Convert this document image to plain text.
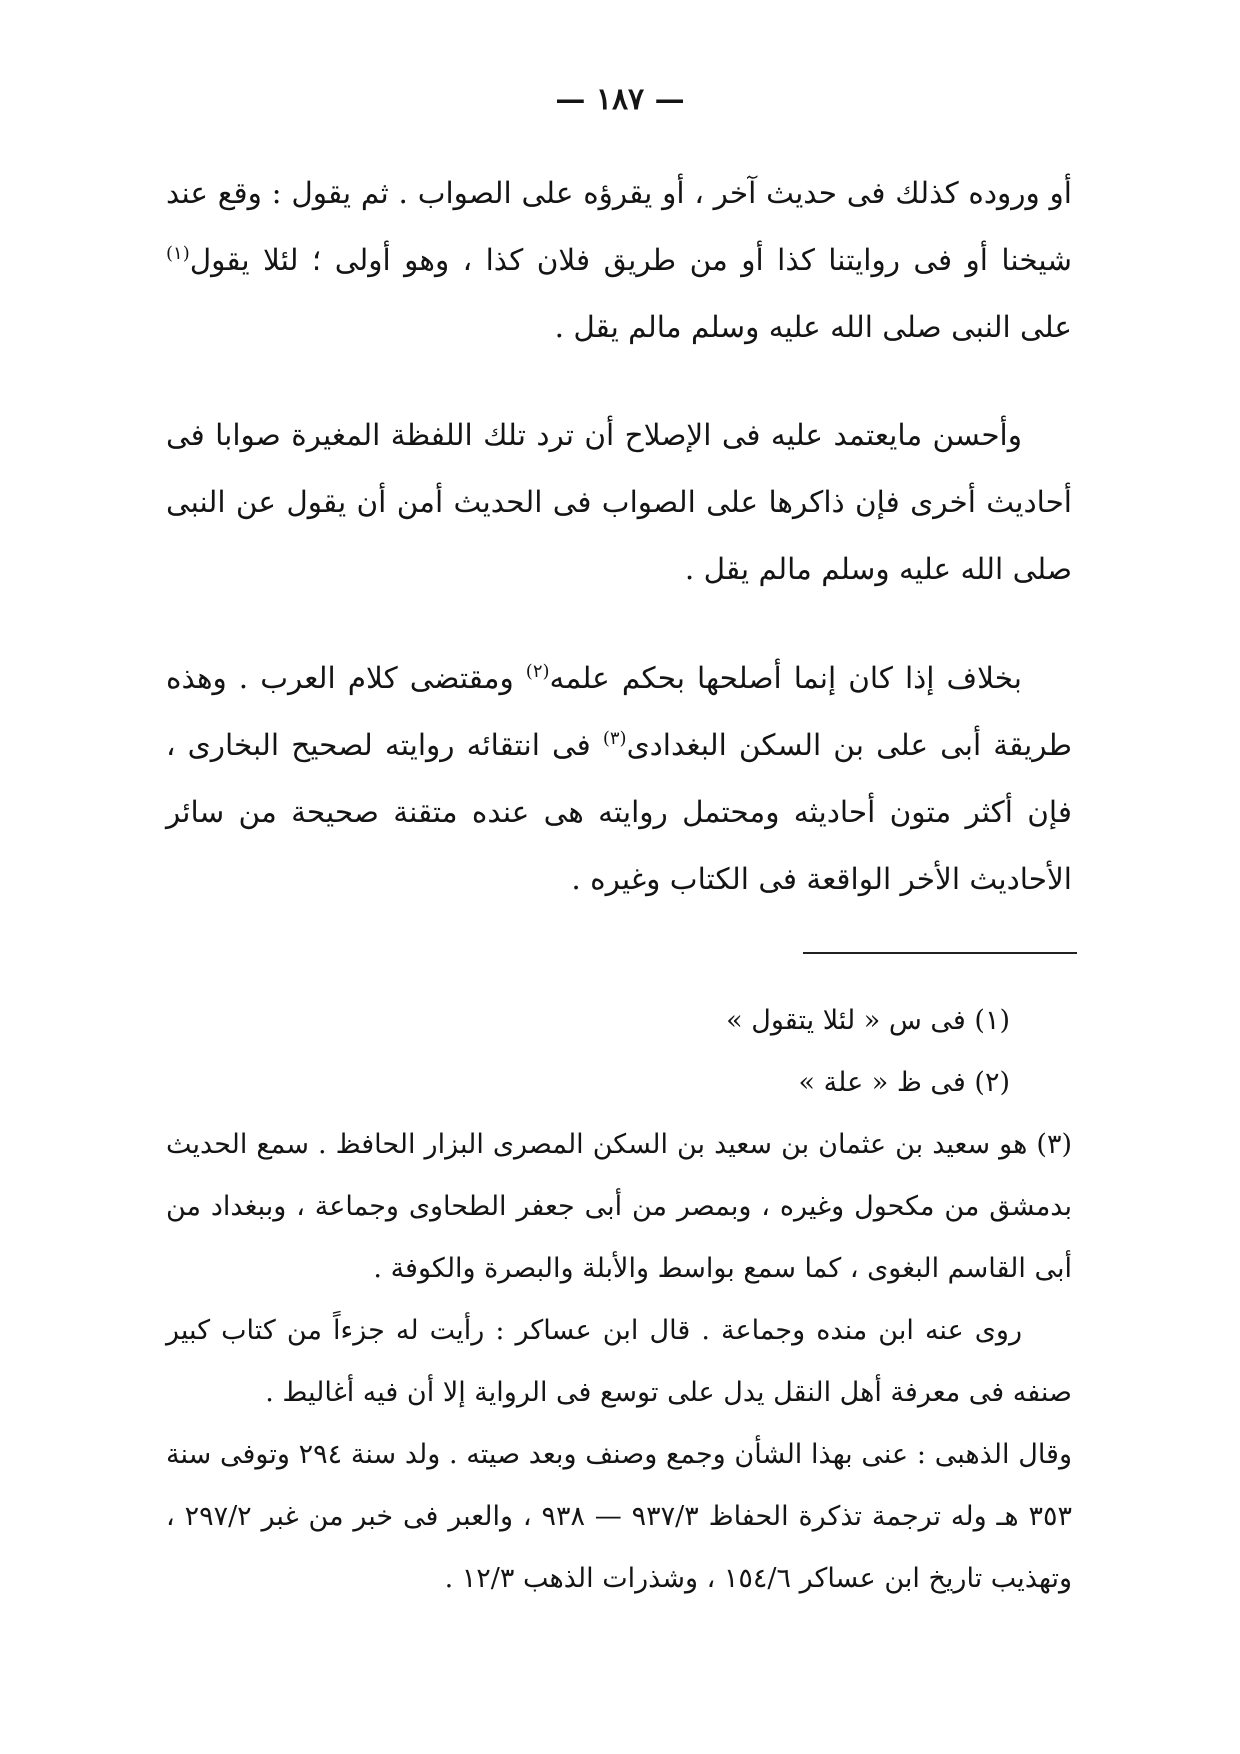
— ١٨٧ —

أو وروده كذلك فى حديث آخر ، أو يقرؤه على الصواب . ثم يقول : وقع عند شيخنا أو فى روايتنا كذا أو من طريق فلان كذا ، وهو أولى ؛ لئلا يقول$^{(١)}$ على النبى صلى الله عليه وسلم مالم يقل .

وأحسن مايعتمد عليه فى الإصلاح أن ترد تلك اللفظة المغيرة صوابا فى أحاديث أخرى فإن ذاكرها على الصواب فى الحديث أمن أن يقول عن النبى صلى الله عليه وسلم مالم يقل .

بخلاف إذا كان إنما أصلحها بحكم علمه$^{(٢)}$ ومقتضى كلام العرب . وهذه طريقة أبى على بن السكن البغدادى$^{(٣)}$ فى انتقائه روايته لصحيح البخارى ، فإن أكثر متون أحاديثه ومحتمل روايته هى عنده متقنة صحيحة من سائر الأحاديث الأخر الواقعة فى الكتاب وغيره .

(١) فى س « لئلا يتقول »

(٢) فى ظ « علة »

(٣) هو سعيد بن عثمان بن سعيد بن السكن المصرى البزار الحافظ . سمع الحديث بدمشق من مكحول وغيره ، وبمصر من أبى جعفر الطحاوى وجماعة ، وببغداد من أبى القاسم البغوى ، كما سمع بواسط والأبلة والبصرة والكوفة .

روى عنه ابن منده وجماعة . قال ابن عساكر : رأيت له جزءاً من كتاب كبير صنفه فى معرفة أهل النقل يدل على توسع فى الرواية إلا أن فيه أغاليط .

وقال الذهبى : عنى بهذا الشأن وجمع وصنف وبعد صيته . ولد سنة ٢٩٤ وتوفى سنة ٣٥٣ هـ وله ترجمة تذكرة الحفاظ ٩٣٧/٣ — ٩٣٨ ، والعبر فى خبر من غبر ٢٩٧/٢ ، وتهذيب تاريخ ابن عساكر ١٥٤/٦ ، وشذرات الذهب ١٢/٣ .
